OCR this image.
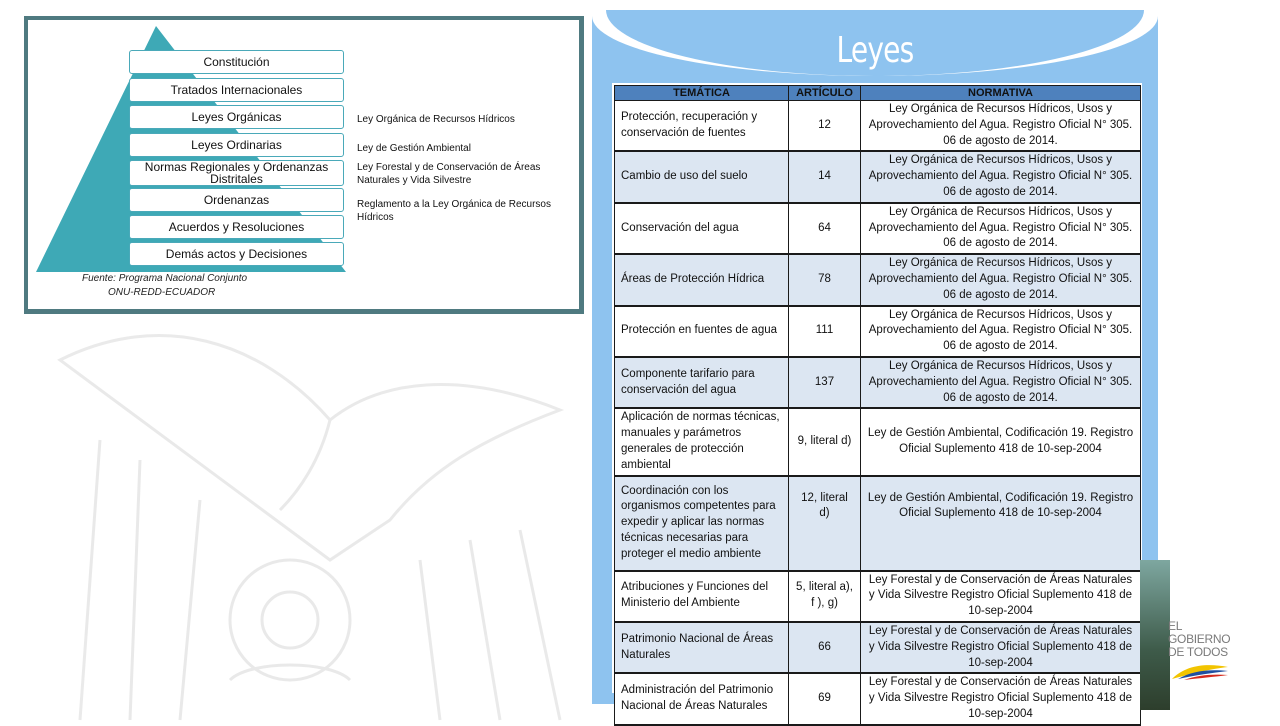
Constitución
Tratados Internacionales
Leyes Orgánicas
Leyes Ordinarias
Normas Regionales y Ordenanzas Distritales
Ordenanzas
Acuerdos y Resoluciones
Demás actos y Decisiones
Ley Orgánica de Recursos Hídricos
Ley de Gestión Ambiental
Ley Forestal y de Conservación de Áreas Naturales y Vida Silvestre
Reglamento a la Ley Orgánica de Recursos Hídricos
Fuente: Programa Nacional Conjunto
ONU-REDD-ECUADOR
Leyes
TEMÁTICA	ARTÍCULO	NORMATIVA
Protección, recuperación y conservación de fuentes	12	Ley Orgánica de Recursos Hídricos, Usos y Aprovechamiento del Agua. Registro Oficial N° 305. 06 de agosto de 2014.
Cambio de uso del suelo	14	Ley Orgánica de Recursos Hídricos, Usos y Aprovechamiento del Agua. Registro Oficial N° 305. 06 de agosto de 2014.
Conservación del agua	64	Ley Orgánica de Recursos Hídricos, Usos y Aprovechamiento del Agua. Registro Oficial N° 305. 06 de agosto de 2014.
Áreas de Protección Hídrica	78	Ley Orgánica de Recursos Hídricos, Usos y Aprovechamiento del Agua. Registro Oficial N° 305. 06 de agosto de 2014.
Protección en fuentes de agua	111	Ley Orgánica de Recursos Hídricos, Usos y Aprovechamiento del Agua. Registro Oficial N° 305. 06 de agosto de 2014.
Componente tarifario para conservación del agua	137	Ley Orgánica de Recursos Hídricos, Usos y Aprovechamiento del Agua. Registro Oficial N° 305. 06 de agosto de 2014.
Aplicación de normas técnicas, manuales y parámetros generales de protección ambiental	9, literal d)	Ley de Gestión Ambiental, Codificación 19. Registro Oficial Suplemento 418 de 10-sep-2004
Coordinación con los organismos competentes para expedir y aplicar las normas técnicas necesarias para proteger el medio ambiente	12, literal d)	Ley de Gestión Ambiental, Codificación 19. Registro Oficial Suplemento 418 de 10-sep-2004
Atribuciones y Funciones del Ministerio del Ambiente	5, literal a), f ), g)	Ley Forestal y de Conservación de Áreas Naturales y Vida Silvestre Registro Oficial Suplemento 418 de 10-sep-2004
Patrimonio Nacional de Áreas Naturales	66	Ley Forestal y de Conservación de Áreas Naturales y Vida Silvestre Registro Oficial Suplemento 418 de 10-sep-2004
Administración del Patrimonio Nacional de Áreas Naturales	69	Ley Forestal y de Conservación de Áreas Naturales y Vida Silvestre Registro Oficial Suplemento 418 de 10-sep-2004
EL
GOBIERNO
DE TODOS
